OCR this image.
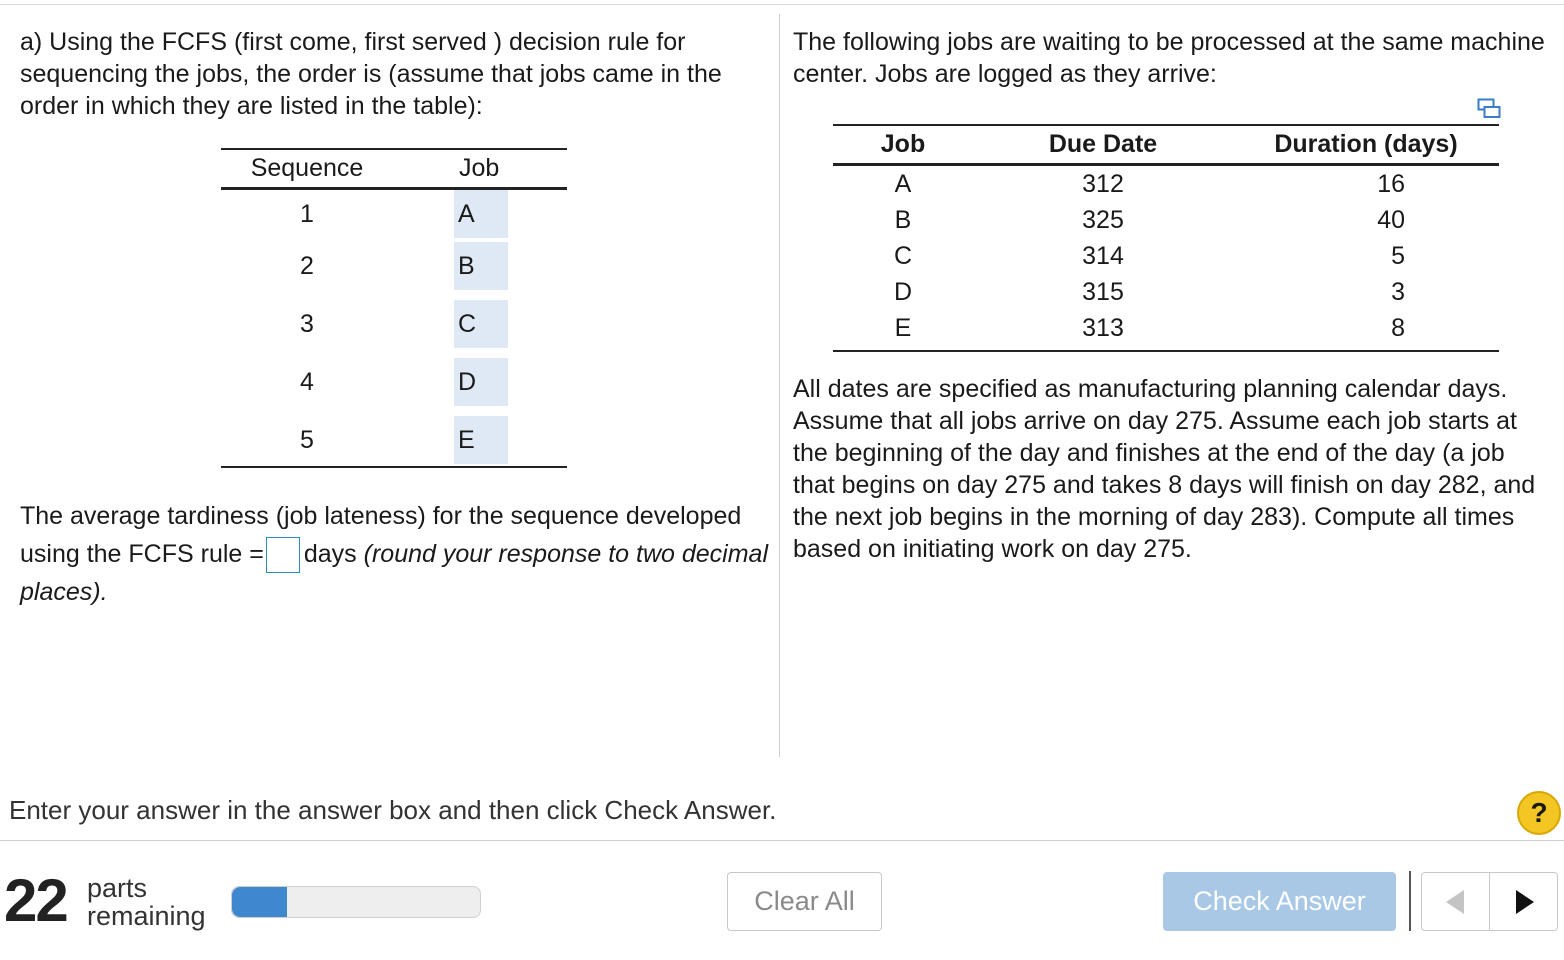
a) Using the FCFS (first come, first served ) decision rule for sequencing the jobs, the order is (assume that jobs came in the order in which they are listed in the table):
Sequence	Job
1	A
2	B
3	C
4	D
5	E
The average tardiness (job lateness) for the sequence developed using the FCFS rule = days (round your response to two decimal places).
The following jobs are waiting to be processed at the same machine center. Jobs are logged as they arrive:
Job	Due Date	Duration (days)
A	312	16
B	325	40
C	314	5
D	315	3
E	313	8
All dates are specified as manufacturing planning calendar days. Assume that all jobs arrive on day 275. Assume each job starts at the beginning of the day and finishes at the end of the day (a job that begins on day 275 and takes 8 days will finish on day 282, and the next job begins in the morning of day 283). Compute all times based on initiating work on day 275.
Enter your answer in the answer box and then click Check Answer.	?
22 parts
remaining	Clear All	Check Answer
